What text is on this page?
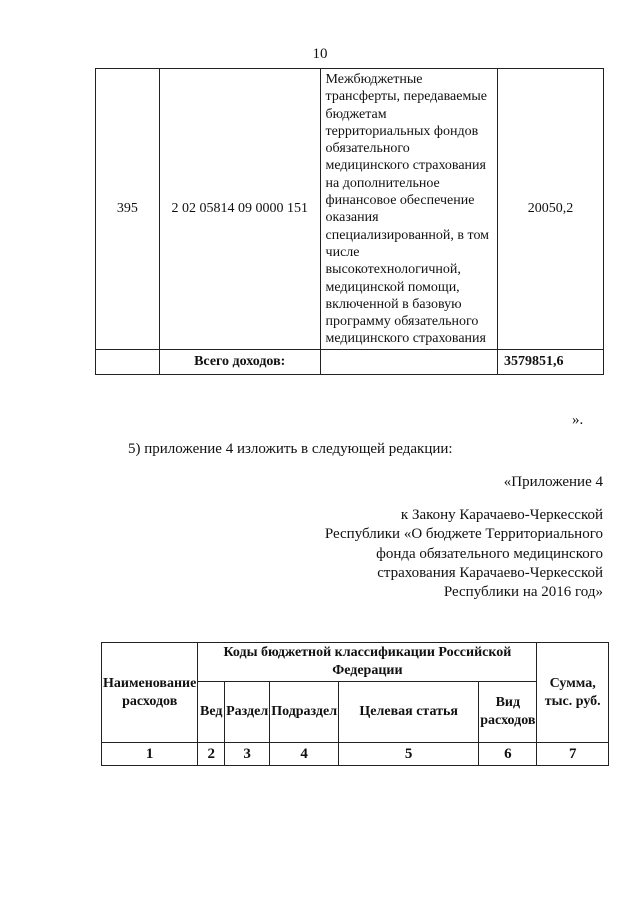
10
395	2 02 05814 09 0000 151	Межбюджетные трансферты, передаваемые бюджетам территориальных фондов обязательного медицинского страхования на дополнительное финансовое обеспечение оказания специализированной, в том числе высокотехнологичной, медицинской помощи, включенной в базовую программу обязательного медицинского страхования	20050,2
	Всего доходов:		3579851,6
».
5) приложение 4 изложить в следующей редакции:
«Приложение 4
к Закону Карачаево-Черкесской Республики «О бюджете Территориального фонда обязательного медицинского страхования Карачаево-Черкесской Республики на 2016 год»
Наименование расходов	Коды бюджетной классификации Российской Федерации					Сумма, тыс. руб.
	Вед	Раздел	Подраздел	Целевая статья	Вид расходов	
1	2	3	4	5	6	7
